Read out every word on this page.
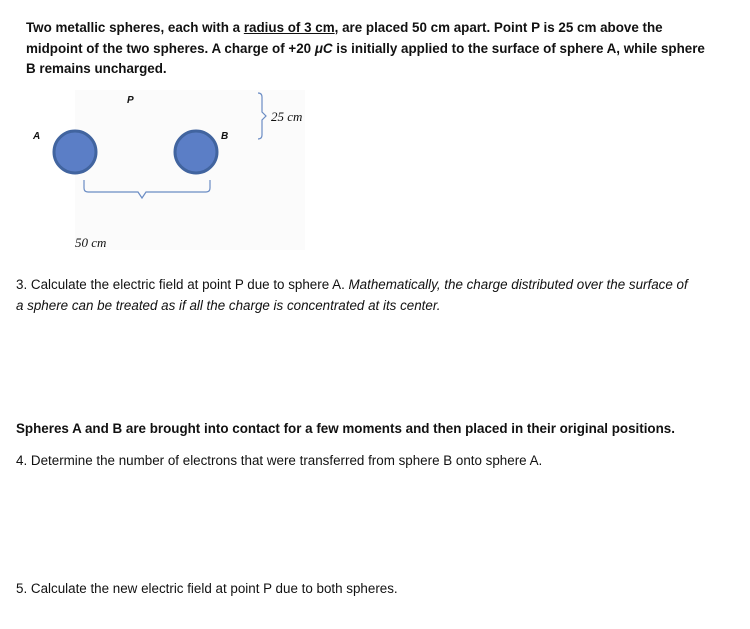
Two metallic spheres, each with a radius of 3 cm, are placed 50 cm apart. Point P is 25 cm above the midpoint of the two spheres. A charge of +20 μC is initially applied to the surface of sphere A, while sphere B remains uncharged.
P
A	B
25 cm
50 cm
3. Calculate the electric field at point P due to sphere A. Mathematically, the charge distributed over the surface of a sphere can be treated as if all the charge is concentrated at its center.
Spheres A and B are brought into contact for a few moments and then placed in their original positions.
4. Determine the number of electrons that were transferred from sphere B onto sphere A.
5. Calculate the new electric field at point P due to both spheres.
